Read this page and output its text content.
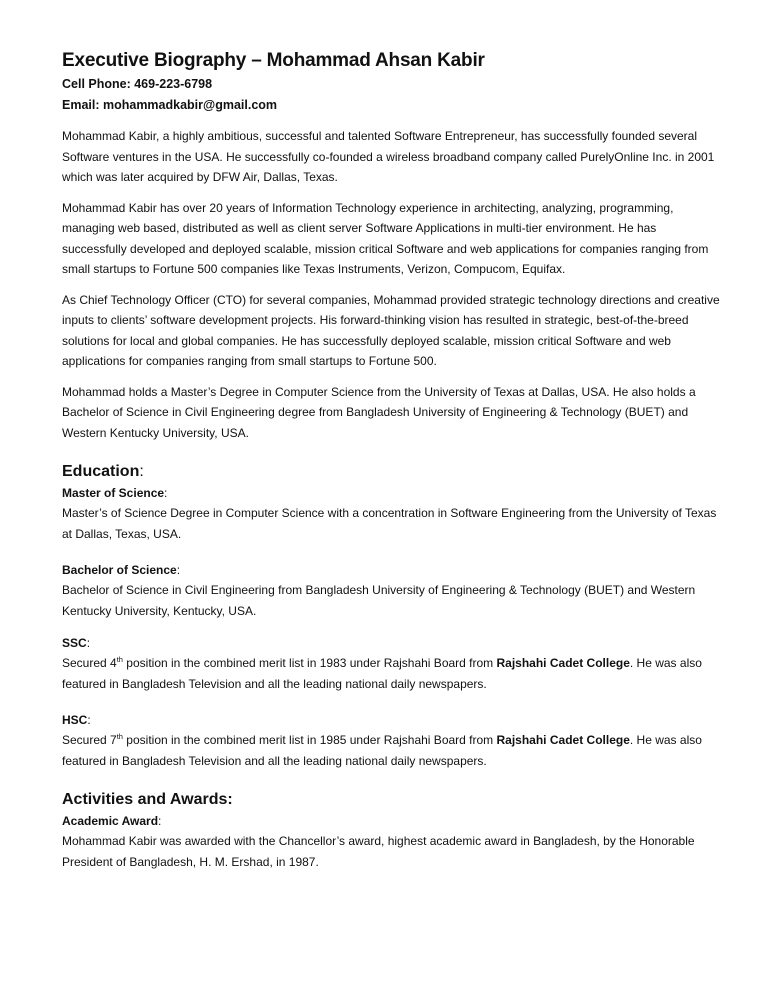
Executive Biography – Mohammad Ahsan Kabir

Cell Phone: 469-223-6798

Email: mohammadkabir@gmail.com

Mohammad Kabir, a highly ambitious, successful and talented Software Entrepreneur, has successfully founded several Software ventures in the USA. He successfully co-founded a wireless broadband company called PurelyOnline Inc. in 2001 which was later acquired by DFW Air, Dallas, Texas.

Mohammad Kabir has over 20 years of Information Technology experience in architecting, analyzing, programming, managing web based, distributed as well as client server Software Applications in multi-tier environment. He has successfully developed and deployed scalable, mission critical Software and web applications for companies ranging from small startups to Fortune 500 companies like Texas Instruments, Verizon, Compucom, Equifax.

As Chief Technology Officer (CTO) for several companies, Mohammad provided strategic technology directions and creative inputs to clients’ software development projects. His forward-thinking vision has resulted in strategic, best-of-the-breed solutions for local and global companies. He has successfully deployed scalable, mission critical Software and web applications for companies ranging from small startups to Fortune 500.

Mohammad holds a Master’s Degree in Computer Science from the University of Texas at Dallas, USA. He also holds a Bachelor of Science in Civil Engineering degree from Bangladesh University of Engineering & Technology (BUET) and Western Kentucky University, USA.

Education:

Master of Science:

Master’s of Science Degree in Computer Science with a concentration in Software Engineering from the University of Texas at Dallas, Texas, USA.

Bachelor of Science:

Bachelor of Science in Civil Engineering from Bangladesh University of Engineering & Technology (BUET) and Western Kentucky University, Kentucky, USA.

SSC:

Secured 4th position in the combined merit list in 1983 under Rajshahi Board from Rajshahi Cadet College. He was also featured in Bangladesh Television and all the leading national daily newspapers.

HSC:

Secured 7th position in the combined merit list in 1985 under Rajshahi Board from Rajshahi Cadet College. He was also featured in Bangladesh Television and all the leading national daily newspapers.

Activities and Awards:

Academic Award:

Mohammad Kabir was awarded with the Chancellor’s award, highest academic award in Bangladesh, by the Honorable President of Bangladesh, H. M. Ershad, in 1987.
